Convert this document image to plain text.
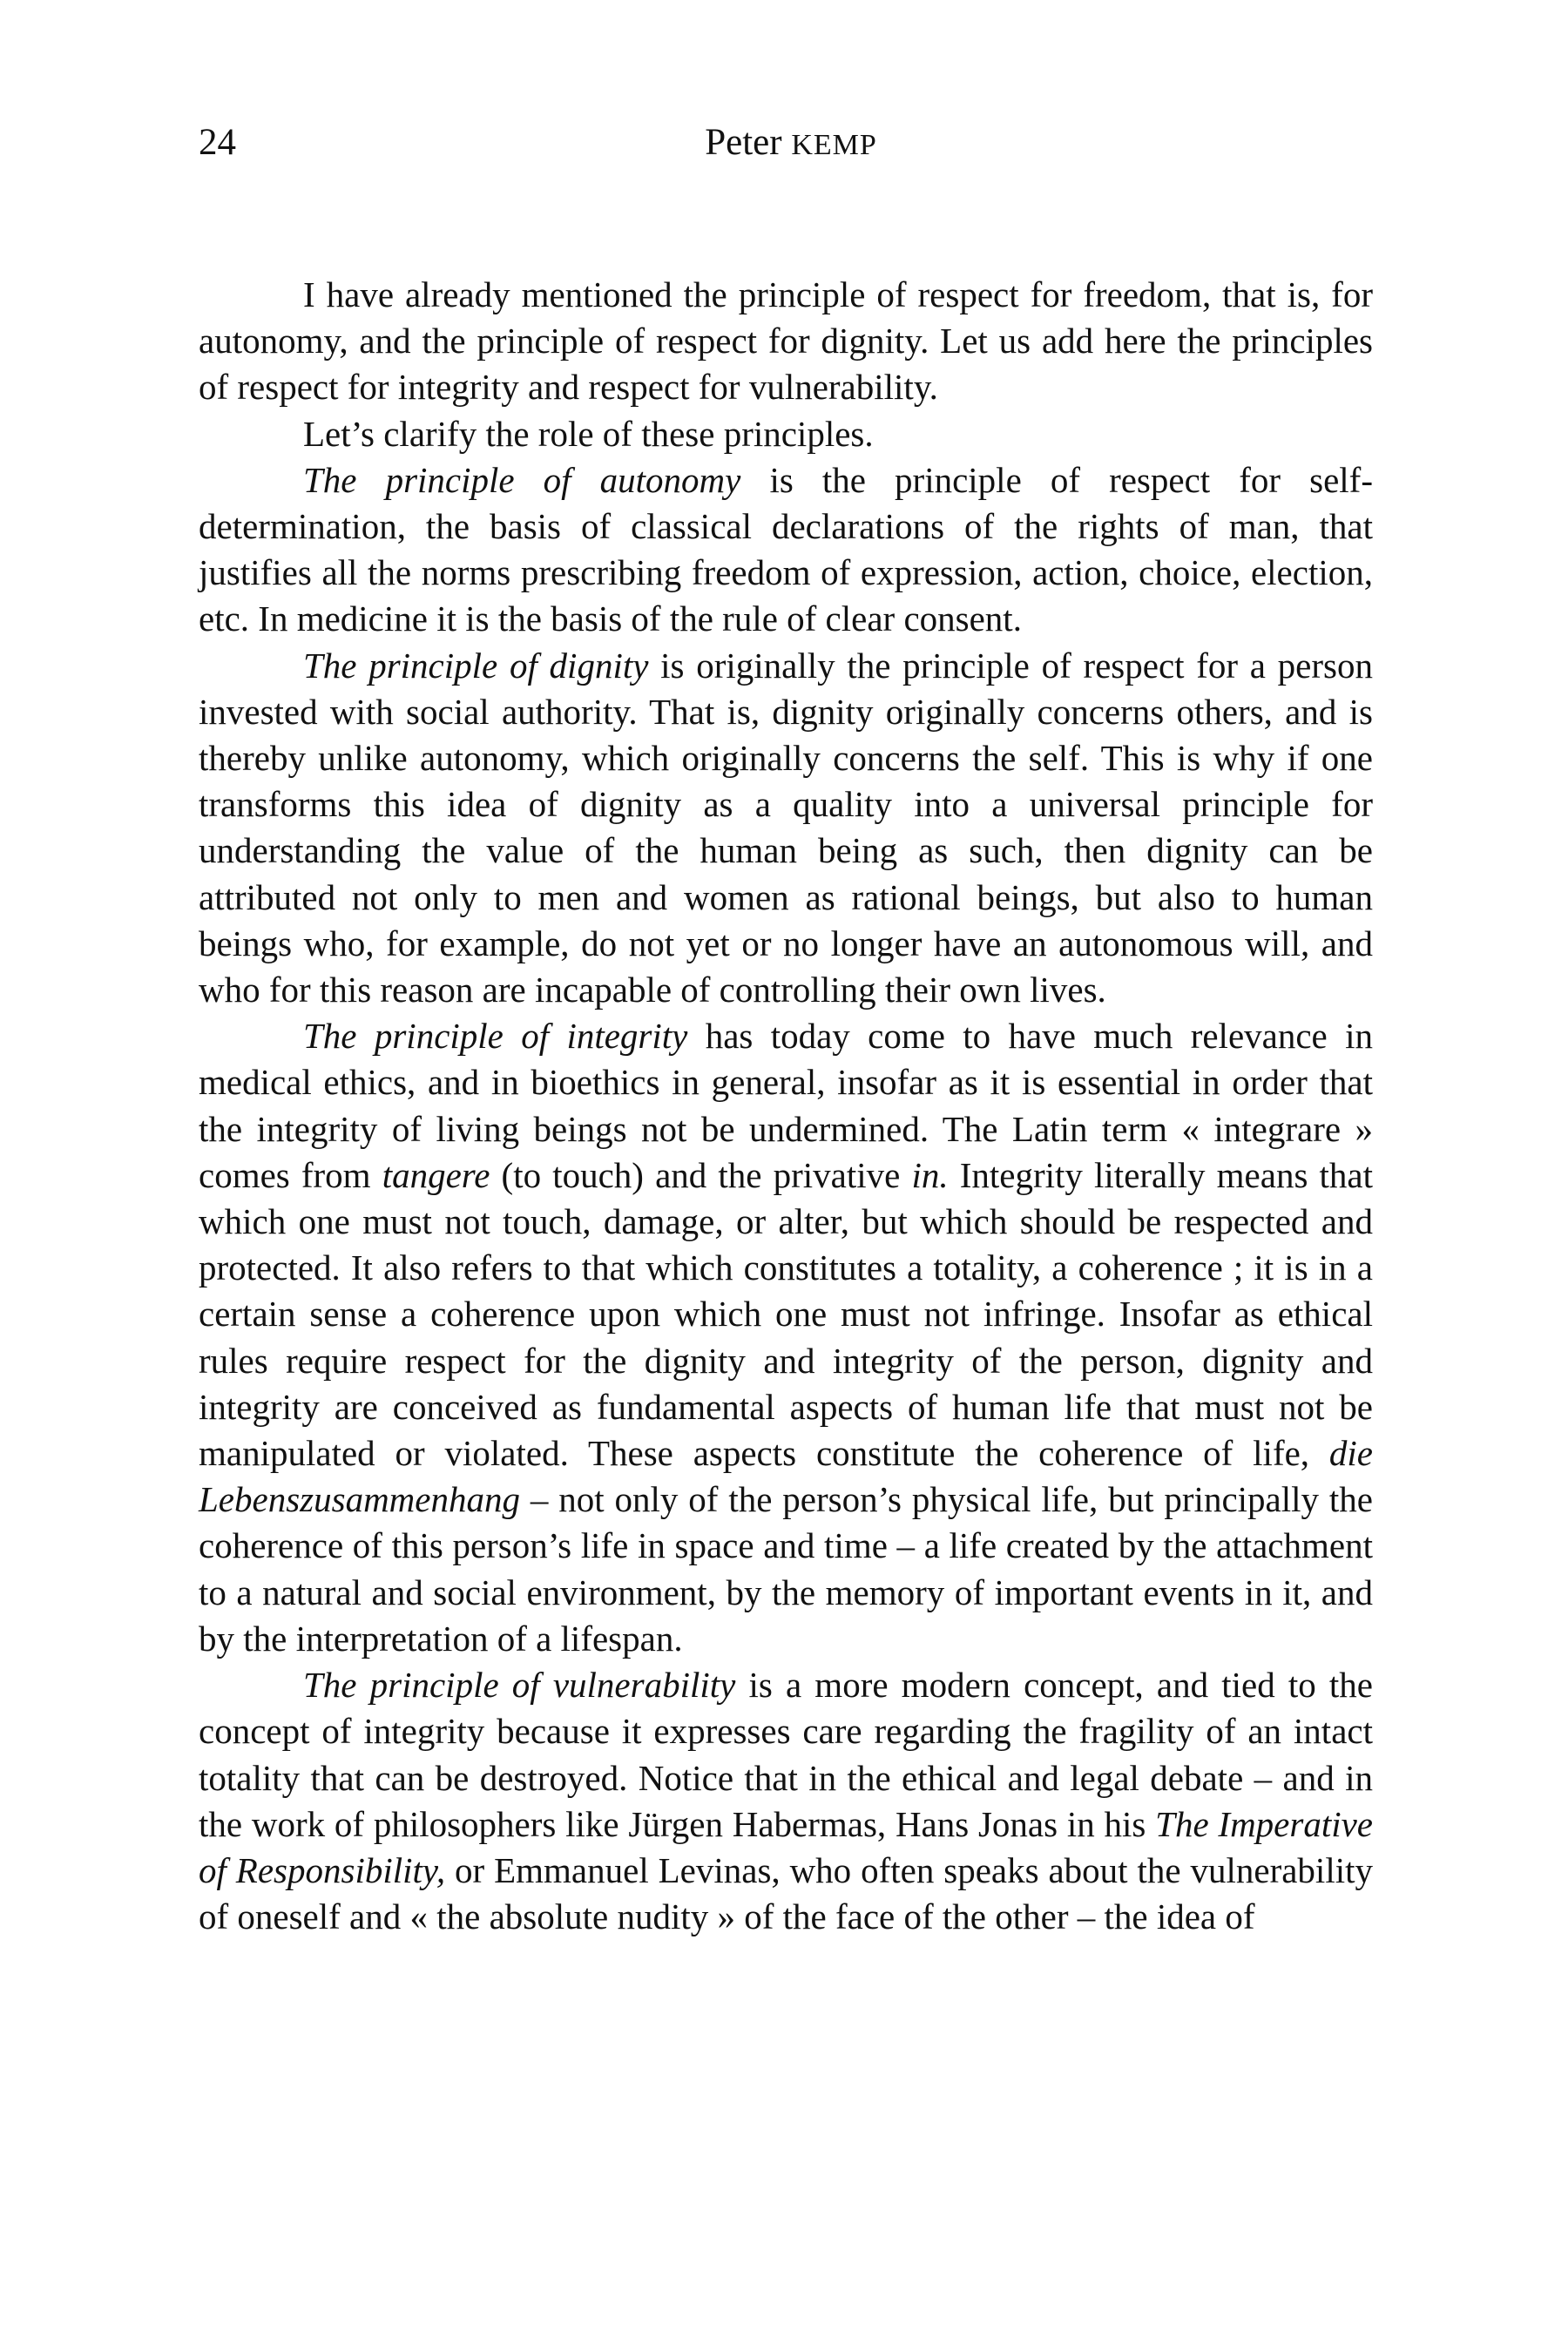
24	Peter KEMP

I have already mentioned the principle of respect for freedom, that is, for autonomy, and the principle of respect for dignity. Let us add here the principles of respect for integrity and respect for vulnerability.

Let’s clarify the role of these principles.

The principle of autonomy is the principle of respect for self-determination, the basis of classical declarations of the rights of man, that justifies all the norms prescribing freedom of expression, action, choice, election, etc. In medicine it is the basis of the rule of clear consent.

The principle of dignity is originally the principle of respect for a person invested with social authority. That is, dignity originally concerns others, and is thereby unlike autonomy, which originally concerns the self. This is why if one transforms this idea of dignity as a quality into a universal principle for understanding the value of the human being as such, then dignity can be attributed not only to men and women as rational beings, but also to human beings who, for example, do not yet or no longer have an autonomous will, and who for this reason are incapable of controlling their own lives.

The principle of integrity has today come to have much relevance in medical ethics, and in bioethics in general, insofar as it is essential in order that the integrity of living beings not be undermined. The Latin term « integrare » comes from tangere (to touch) and the privative in. Integrity literally means that which one must not touch, damage, or alter, but which should be respected and protected. It also refers to that which constitutes a totality, a coherence ; it is in a certain sense a coherence upon which one must not infringe. Insofar as ethical rules require respect for the dignity and integrity of the person, dignity and integrity are conceived as fundamental aspects of human life that must not be manipulated or violated. These aspects constitute the coherence of life, die Lebenszusammenhang – not only of the person’s physical life, but principally the coherence of this person’s life in space and time – a life created by the attachment to a natural and social environment, by the memory of important events in it, and by the interpretation of a lifespan.

The principle of vulnerability is a more modern concept, and tied to the concept of integrity because it expresses care regarding the fragility of an intact totality that can be destroyed. Notice that in the ethical and legal debate – and in the work of philosophers like Jürgen Habermas, Hans Jonas in his The Imperative of Responsibility, or Emmanuel Levinas, who often speaks about the vulnerability of oneself and « the absolute nudity » of the face of the other – the idea of
